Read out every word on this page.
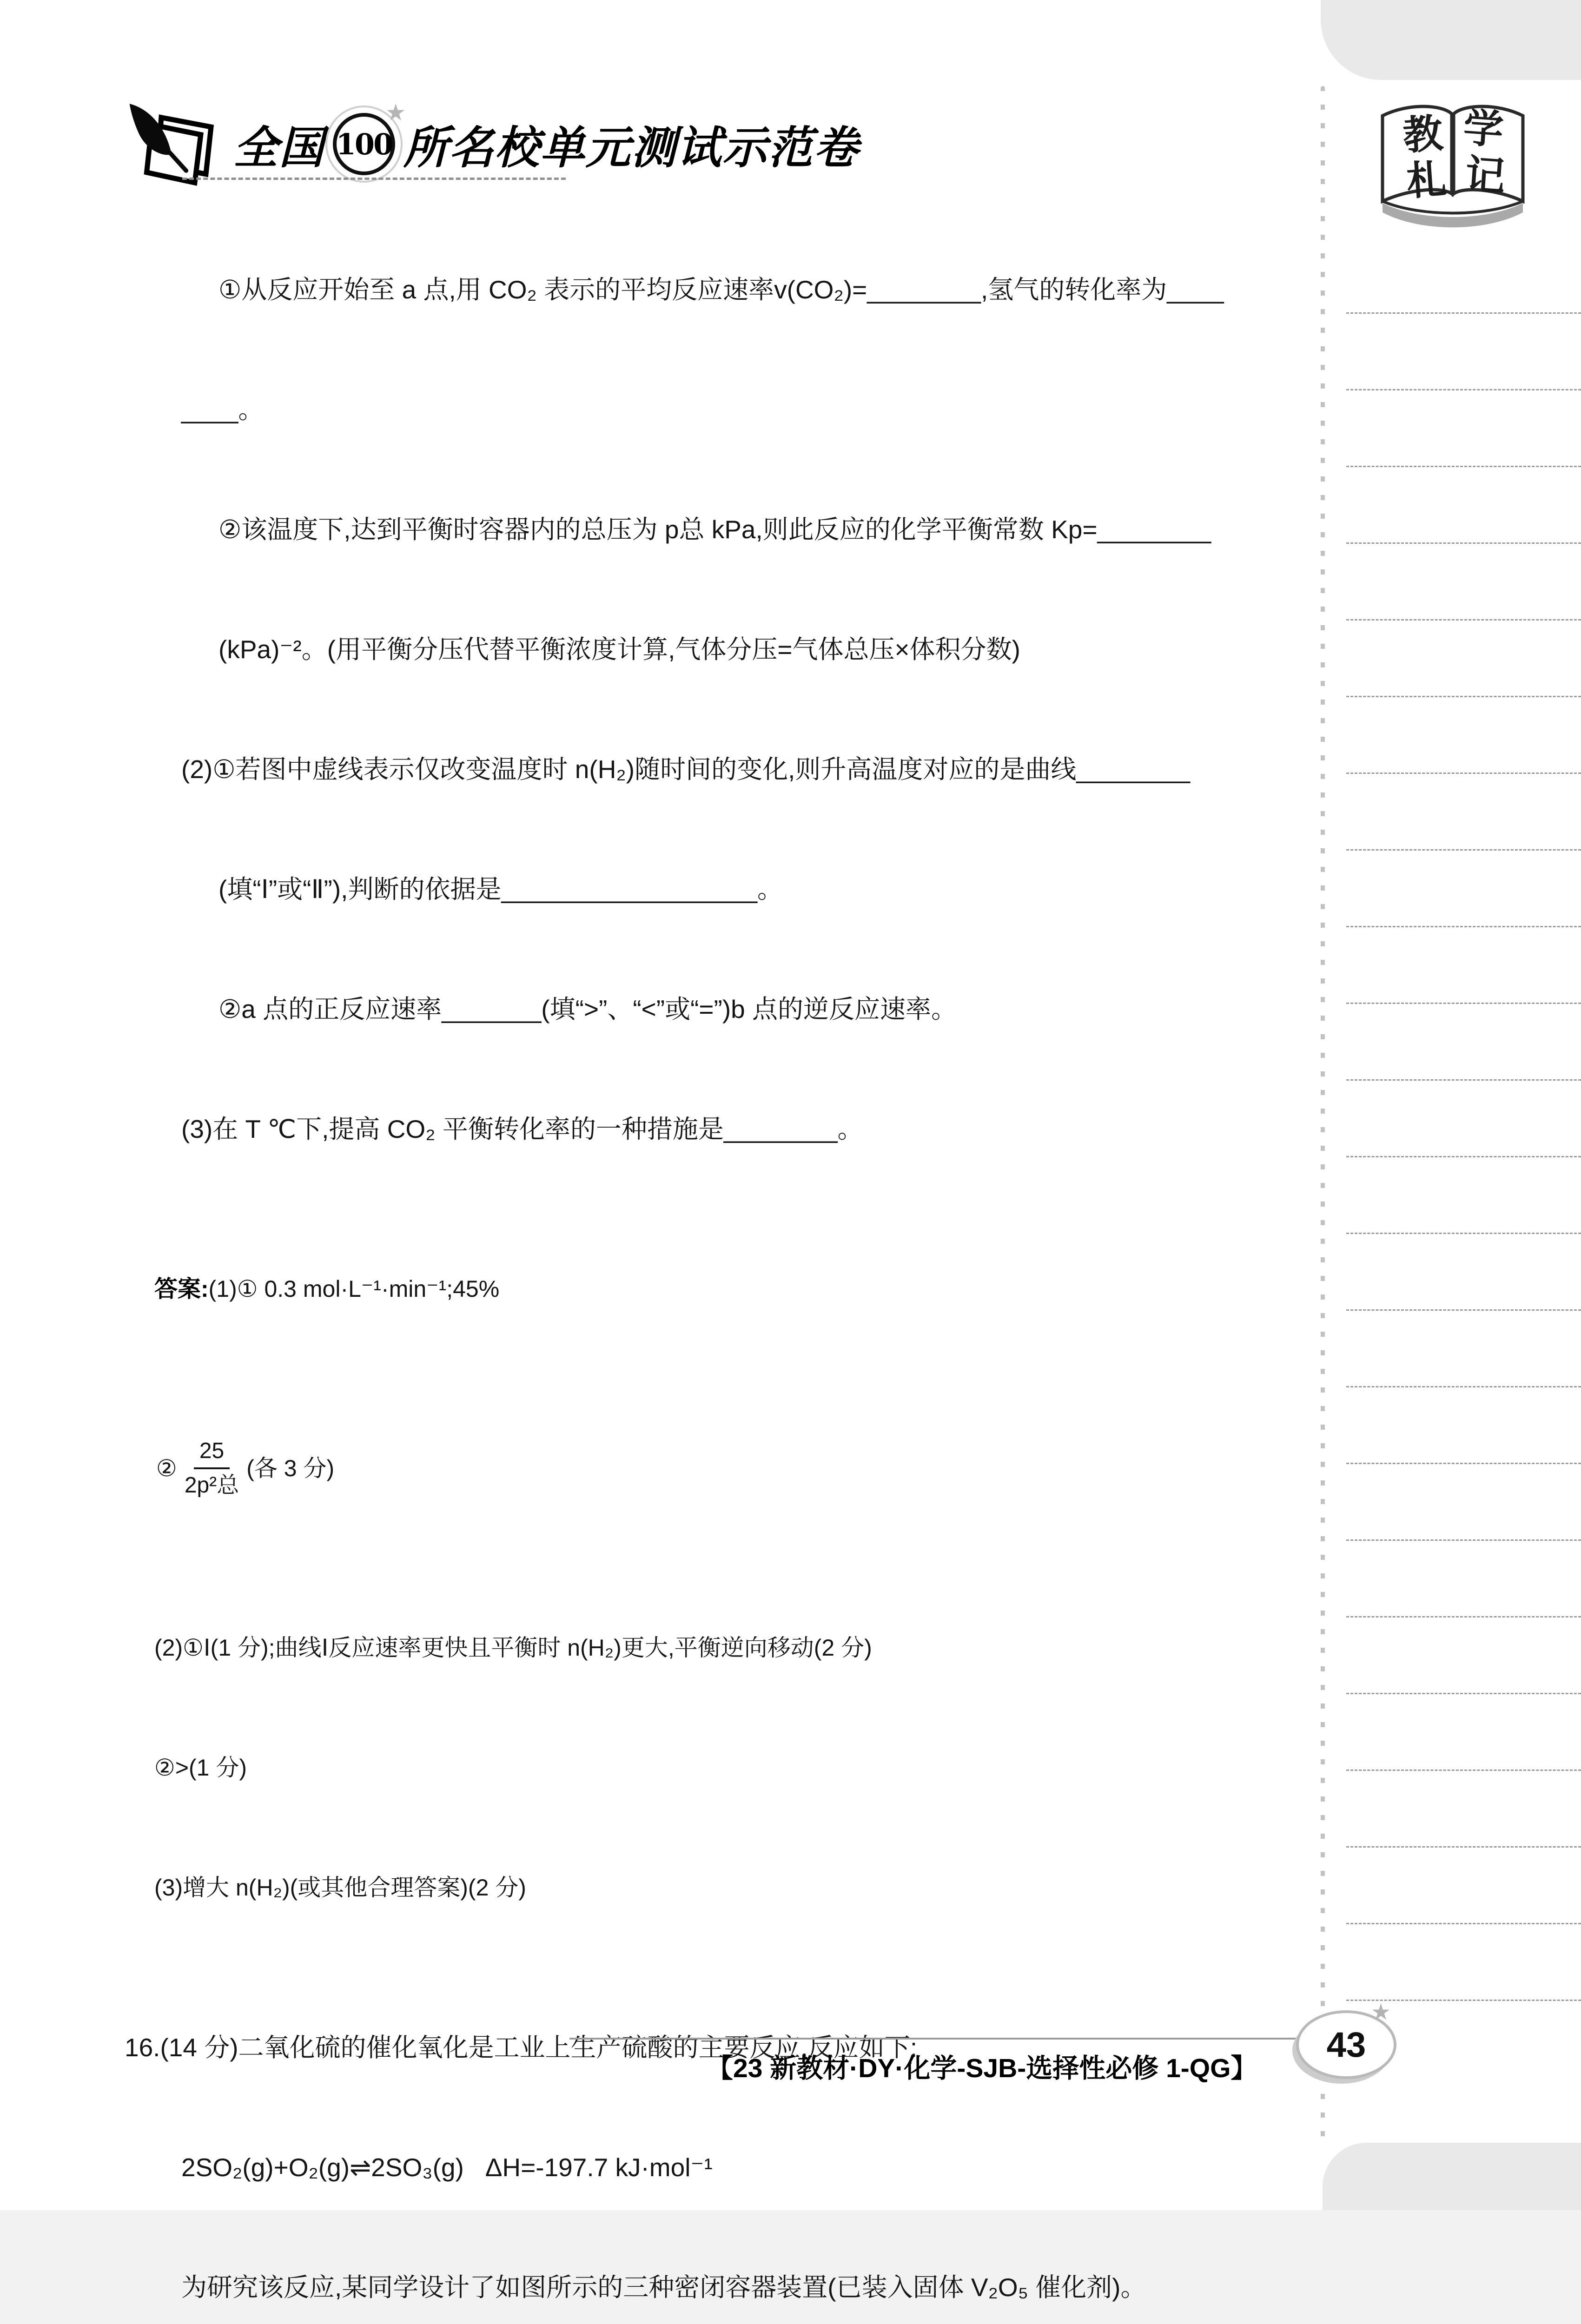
教 学
札 记
全国 100
★
所名校单元测试示范卷

①从反应开始至 a 点,用 CO₂ 表示的平均反应速率v(CO₂)=________,氢气的转化率为____

____。

②该温度下,达到平衡时容器内的总压为 p总 kPa,则此反应的化学平衡常数 Kp=________

(kPa)⁻²。(用平衡分压代替平衡浓度计算,气体分压=气体总压×体积分数)

(2)①若图中虚线表示仅改变温度时 n(H₂)随时间的变化,则升高温度对应的是曲线________

(填“Ⅰ”或“Ⅱ”),判断的依据是__________________。

②a 点的正反应速率_______(填“>”、“<”或“=”)b 点的逆反应速率。

(3)在 T ℃下,提高 CO₂ 平衡转化率的一种措施是________。

答案:(1)① 0.3 mol·L⁻¹·min⁻¹;45%

② $\frac{25}{\text{2p²总}}$ (各 3 分)

(2)①Ⅰ(1 分);曲线Ⅰ反应速率更快且平衡时 n(H₂)更大,平衡逆向移动(2 分)

②>(1 分)

(3)增大 n(H₂)(或其他合理答案)(2 分)

16.(14 分)二氧化硫的催化氧化是工业上生产硫酸的主要反应,反应如下:

2SO₂(g)+O₂(g)⇌2SO₃(g)   ΔH=-197.7 kJ·mol⁻¹

为研究该反应,某同学设计了如图所示的三种密闭容器装置(已装入固体 V₂O₅ 催化剂)。

【23 新教材·DY·化学-SJB-选择性必修 1-QG】
★
43
